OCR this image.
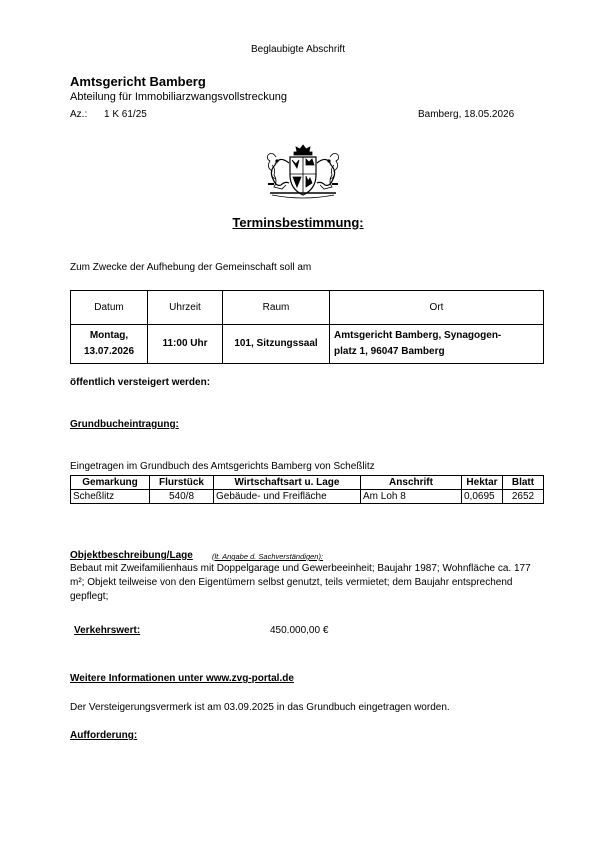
Beglaubigte Abschrift
Amtsgericht Bamberg
Abteilung für Immobiliarzwangsvollstreckung
Az.: 1 K 61/25	Bamberg, 18.05.2026
Terminsbestimmung:
Zum Zwecke der Aufhebung der Gemeinschaft soll am
Datum	Uhrzeit	Raum	Ort
Montag,
13.07.2026	11:00 Uhr	101, Sitzungssaal	Amtsgericht Bamberg, Synagogen-
platz 1, 96047 Bamberg
öffentlich versteigert werden:
Grundbucheintragung:
Eingetragen im Grundbuch des Amtsgerichts Bamberg von Scheßlitz
Gemarkung	Flurstück	Wirtschaftsart u. Lage	Anschrift	Hektar	Blatt
Scheßlitz	540/8	Gebäude- und Freifläche	Am Loh 8	0,0695	2652
Objektbeschreibung/Lage	(lt. Angabe d. Sachverständigen):
Bebaut mit Zweifamilienhaus mit Doppelgarage und Gewerbeeinheit; Baujahr 1987; Wohnfläche ca. 177 m²; Objekt teilweise von den Eigentümern selbst genutzt, teils vermietet; dem Baujahr entsprechend gepflegt;
Verkehrswert:	450.000,00 €
Weitere Informationen unter www.zvg-portal.de
Der Versteigerungsvermerk ist am 03.09.2025 in das Grundbuch eingetragen worden.
Aufforderung:
